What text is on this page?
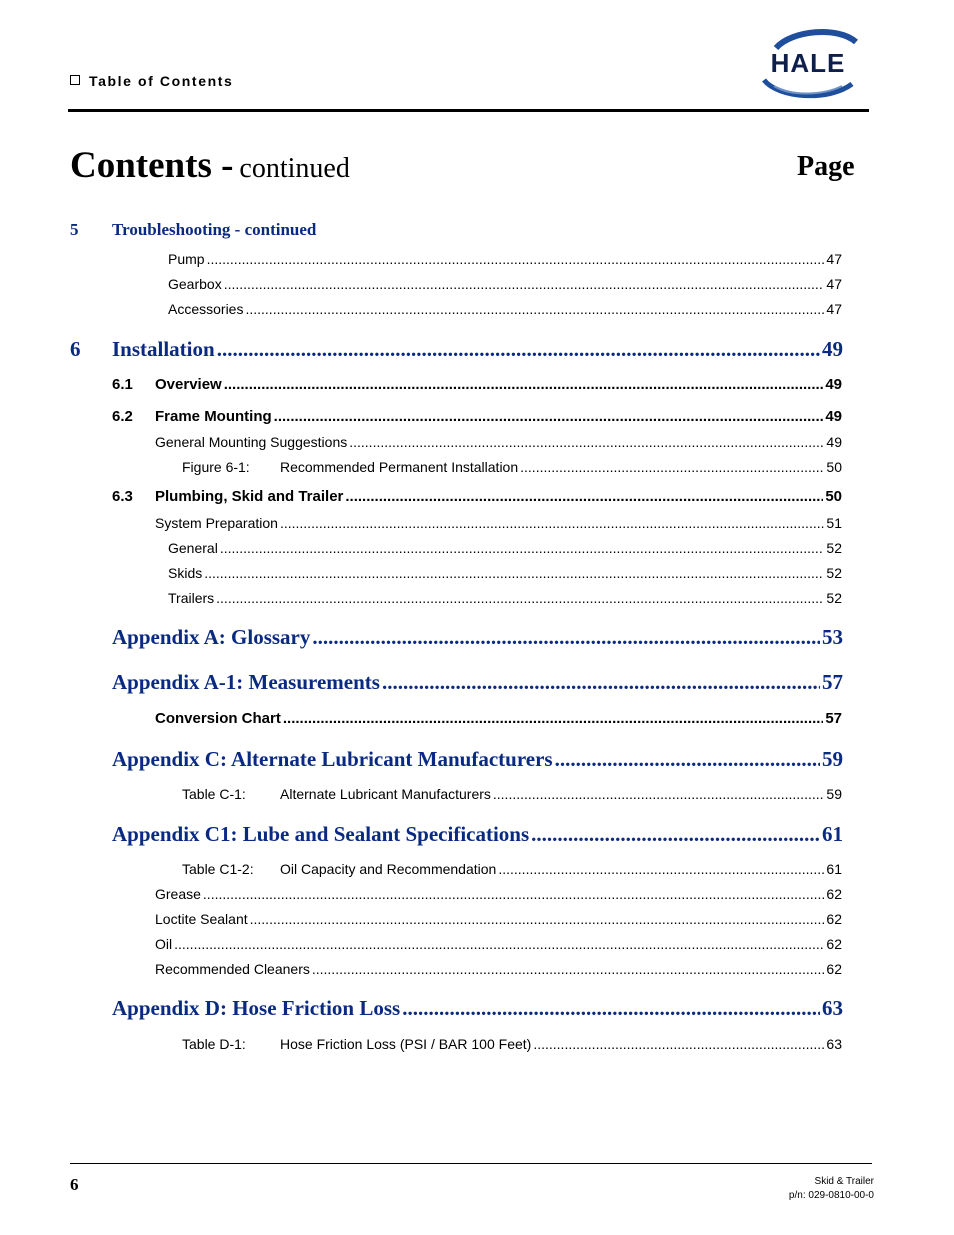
Table of Contents
HALE
Contents - continued	Page
5 Troubleshooting - continued
Pump .....	47
Gearbox .....	47
Accessories .....	47
6 Installation .....	49
6.1 Overview .....	49
6.2 Frame Mounting .....	49
General Mounting Suggestions .....	49
Figure 6-1: Recommended Permanent Installation .....	50
6.3 Plumbing, Skid and Trailer .....	50
System Preparation .....	51
General .....	52
Skids .....	52
Trailers .....	52
Appendix A: Glossary .....	53
Appendix A-1: Measurements .....	57
Conversion Chart .....	57
Appendix C: Alternate Lubricant Manufacturers .....	59
Table C-1: Alternate Lubricant Manufacturers .....	59
Appendix C1: Lube and Sealant Specifications .....	61
Table C1-2: Oil Capacity and Recommendation .....	61
Grease .....	62
Loctite Sealant .....	62
Oil .....	62
Recommended Cleaners .....	62
Appendix D: Hose Friction Loss .....	63
Table D-1: Hose Friction Loss (PSI / BAR 100 Feet) .....	63
6	Skid & Trailer
p/n: 029-0810-00-0
